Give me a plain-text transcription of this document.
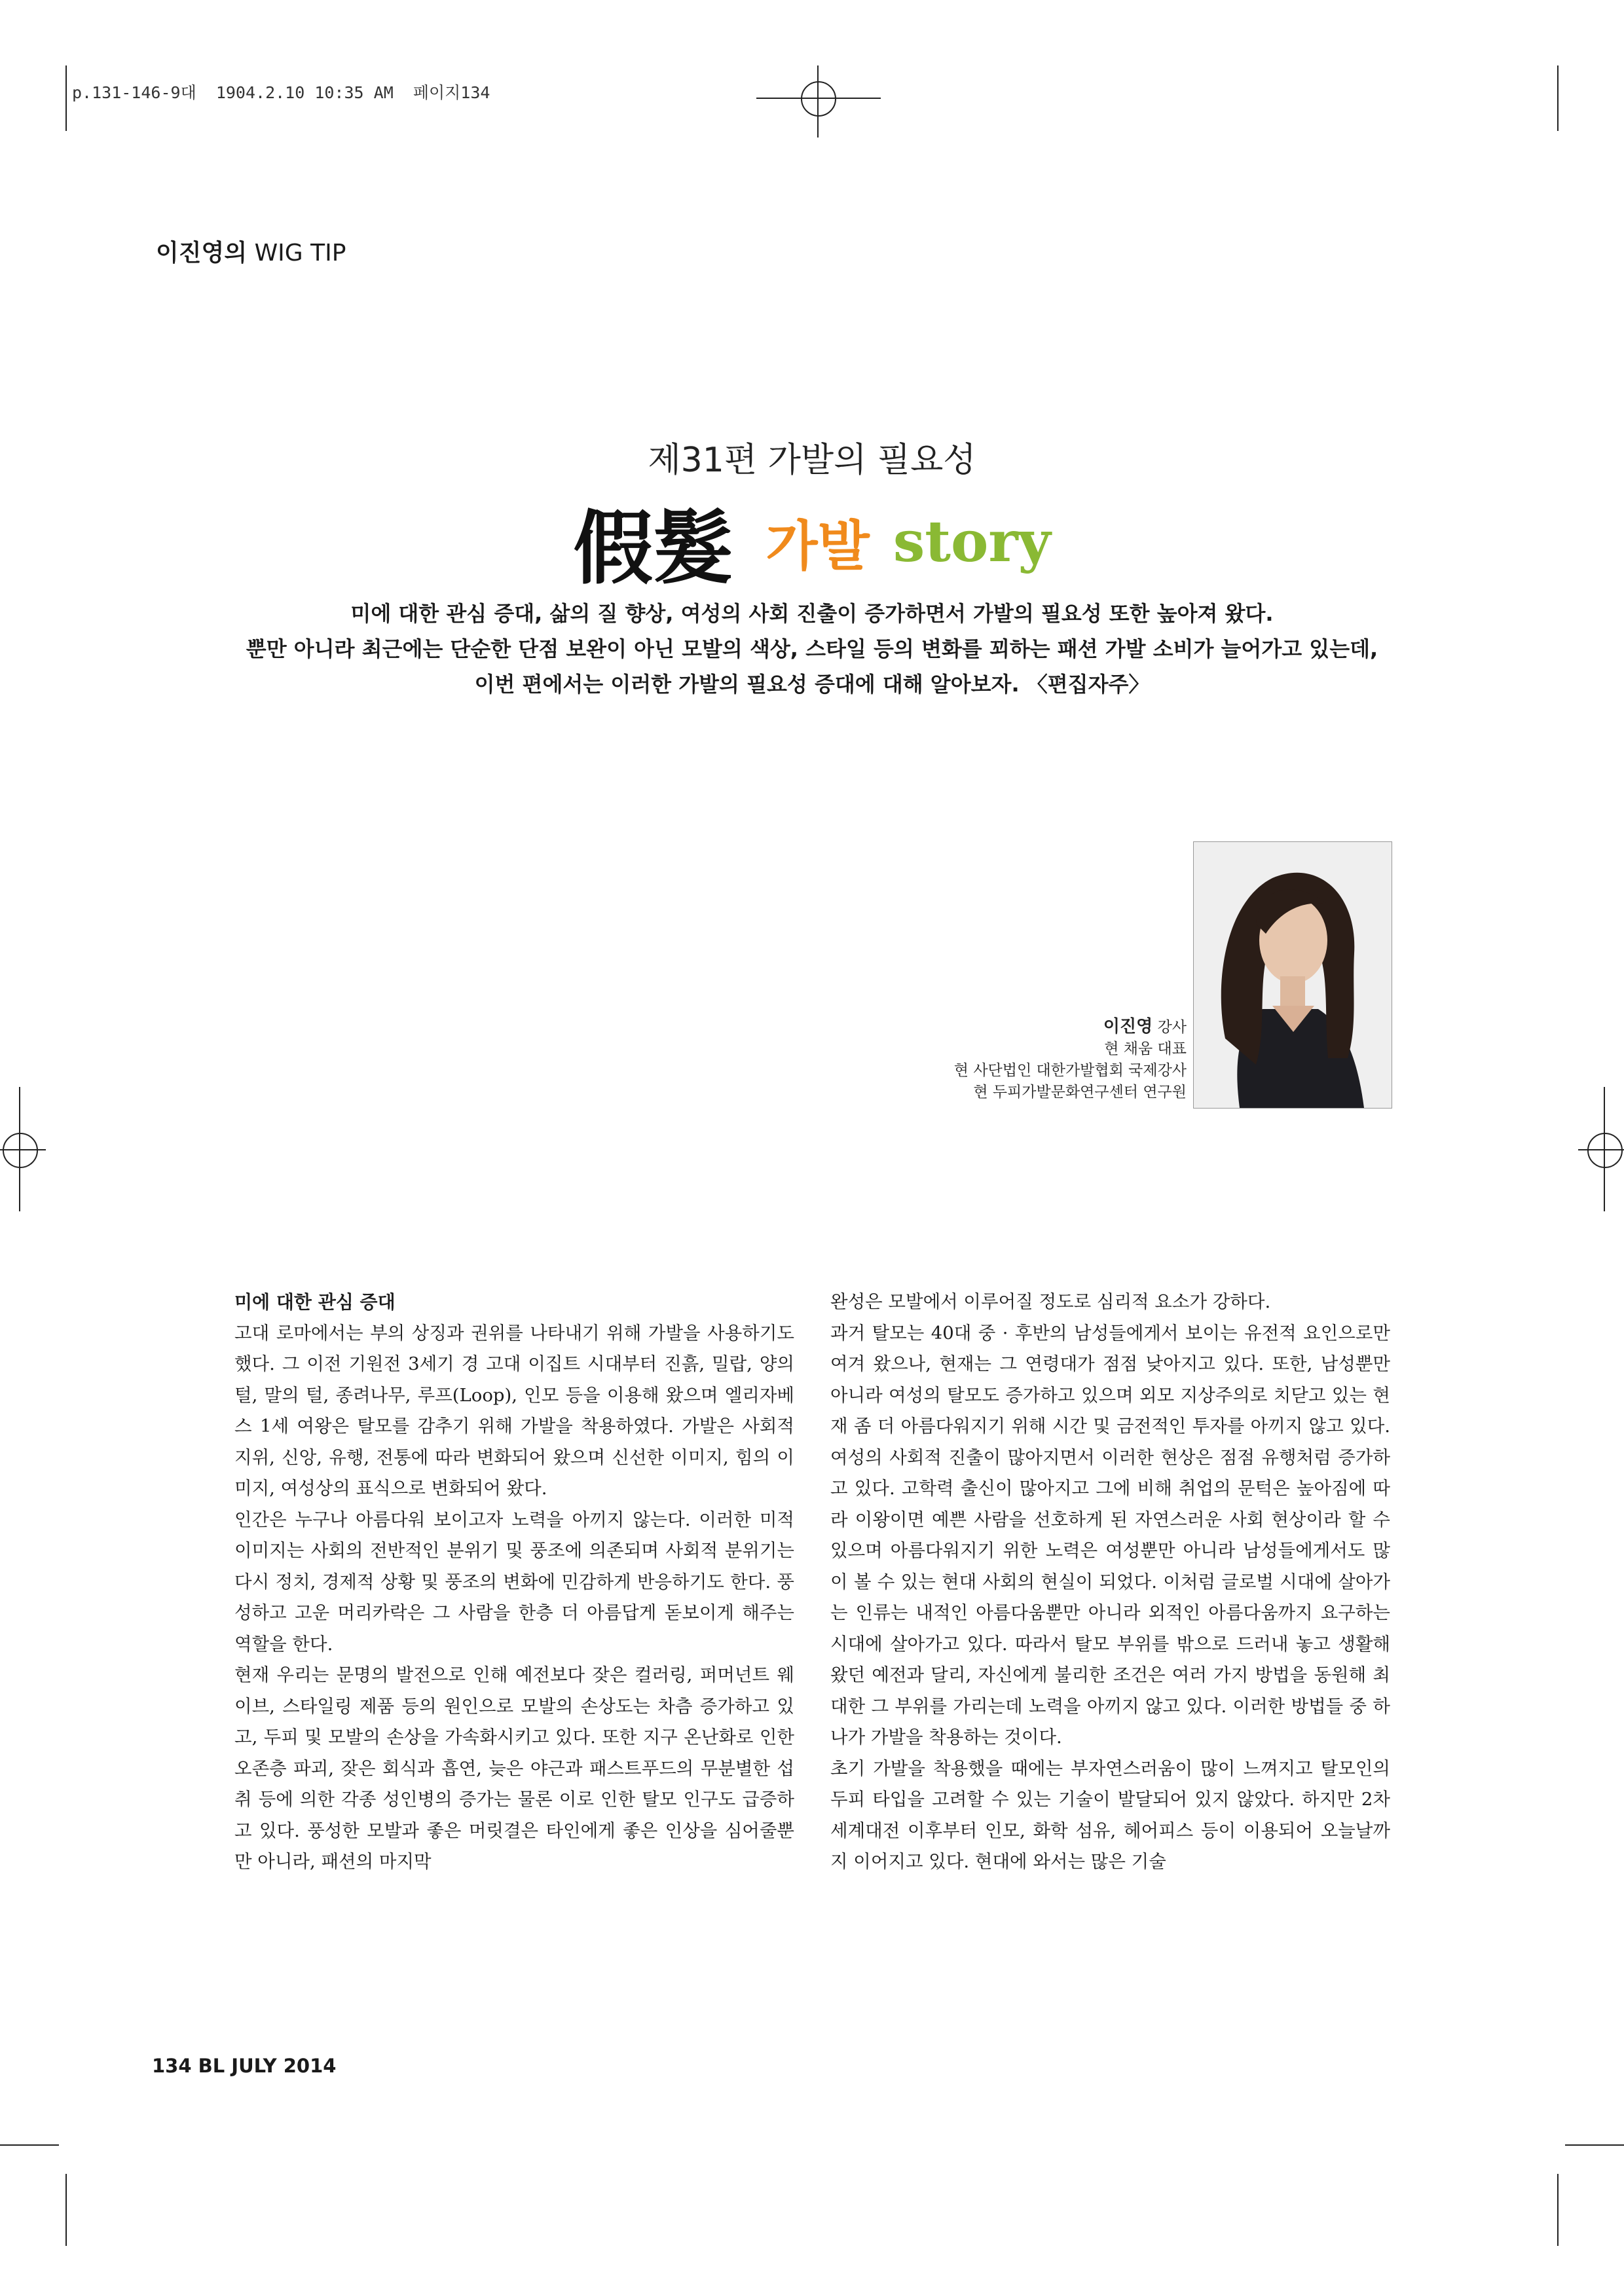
p.131-146-9대  1904.2.10 10:35 AM  페이지134
이진영의 WIG TIP
제31편 가발의 필요성
假髮 가발 story
미에 대한 관심 증대, 삶의 질 향상, 여성의 사회 진출이 증가하면서 가발의 필요성 또한 높아져 왔다.
뿐만 아니라 최근에는 단순한 단점 보완이 아닌 모발의 색상, 스타일 등의 변화를 꾀하는 패션 가발 소비가 늘어가고 있는데,
이번 편에서는 이러한 가발의 필요성 증대에 대해 알아보자. 〈편집자주〉
이진영 강사
현 채움 대표
현 사단법인 대한가발협회 국제강사
현 두피가발문화연구센터 연구원

미에 대한 관심 증대

고대 로마에서는 부의 상징과 권위를 나타내기 위해 가발을 사용하기도 했다. 그 이전 기원전 3세기 경 고대 이집트 시대부터 진흙, 밀랍, 양의 털, 말의 털, 종려나무, 루프(Loop), 인모 등을 이용해 왔으며 엘리자베스 1세 여왕은 탈모를 감추기 위해 가발을 착용하였다. 가발은 사회적 지위, 신앙, 유행, 전통에 따라 변화되어 왔으며 신선한 이미지, 힘의 이미지, 여성상의 표식으로 변화되어 왔다.

인간은 누구나 아름다워 보이고자 노력을 아끼지 않는다. 이러한 미적 이미지는 사회의 전반적인 분위기 및 풍조에 의존되며 사회적 분위기는 다시 정치, 경제적 상황 및 풍조의 변화에 민감하게 반응하기도 한다. 풍성하고 고운 머리카락은 그 사람을 한층 더 아름답게 돋보이게 해주는 역할을 한다.

현재 우리는 문명의 발전으로 인해 예전보다 잦은 컬러링, 퍼머넌트 웨이브, 스타일링 제품 등의 원인으로 모발의 손상도는 차츰 증가하고 있고, 두피 및 모발의 손상을 가속화시키고 있다. 또한 지구 온난화로 인한 오존층 파괴, 잦은 회식과 흡연, 늦은 야근과 패스트푸드의 무분별한 섭취 등에 의한 각종 성인병의 증가는 물론 이로 인한 탈모 인구도 급증하고 있다. 풍성한 모발과 좋은 머릿결은 타인에게 좋은 인상을 심어줄뿐만 아니라, 패션의 마지막

완성은 모발에서 이루어질 정도로 심리적 요소가 강하다.

과거 탈모는 40대 중 · 후반의 남성들에게서 보이는 유전적 요인으로만 여겨 왔으나, 현재는 그 연령대가 점점 낮아지고 있다. 또한, 남성뿐만 아니라 여성의 탈모도 증가하고 있으며 외모 지상주의로 치닫고 있는 현재 좀 더 아름다워지기 위해 시간 및 금전적인 투자를 아끼지 않고 있다. 여성의 사회적 진출이 많아지면서 이러한 현상은 점점 유행처럼 증가하고 있다. 고학력 출신이 많아지고 그에 비해 취업의 문턱은 높아짐에 따라 이왕이면 예쁜 사람을 선호하게 된 자연스러운 사회 현상이라 할 수 있으며 아름다워지기 위한 노력은 여성뿐만 아니라 남성들에게서도 많이 볼 수 있는 현대 사회의 현실이 되었다. 이처럼 글로벌 시대에 살아가는 인류는 내적인 아름다움뿐만 아니라 외적인 아름다움까지 요구하는 시대에 살아가고 있다. 따라서 탈모 부위를 밖으로 드러내 놓고 생활해 왔던 예전과 달리, 자신에게 불리한 조건은 여러 가지 방법을 동원해 최대한 그 부위를 가리는데 노력을 아끼지 않고 있다. 이러한 방법들 중 하나가 가발을 착용하는 것이다.

초기 가발을 착용했을 때에는 부자연스러움이 많이 느껴지고 탈모인의 두피 타입을 고려할 수 있는 기술이 발달되어 있지 않았다. 하지만 2차 세계대전 이후부터 인모, 화학 섬유, 헤어피스 등이 이용되어 오늘날까지 이어지고 있다. 현대에 와서는 많은 기술

134 BL JULY 2014
